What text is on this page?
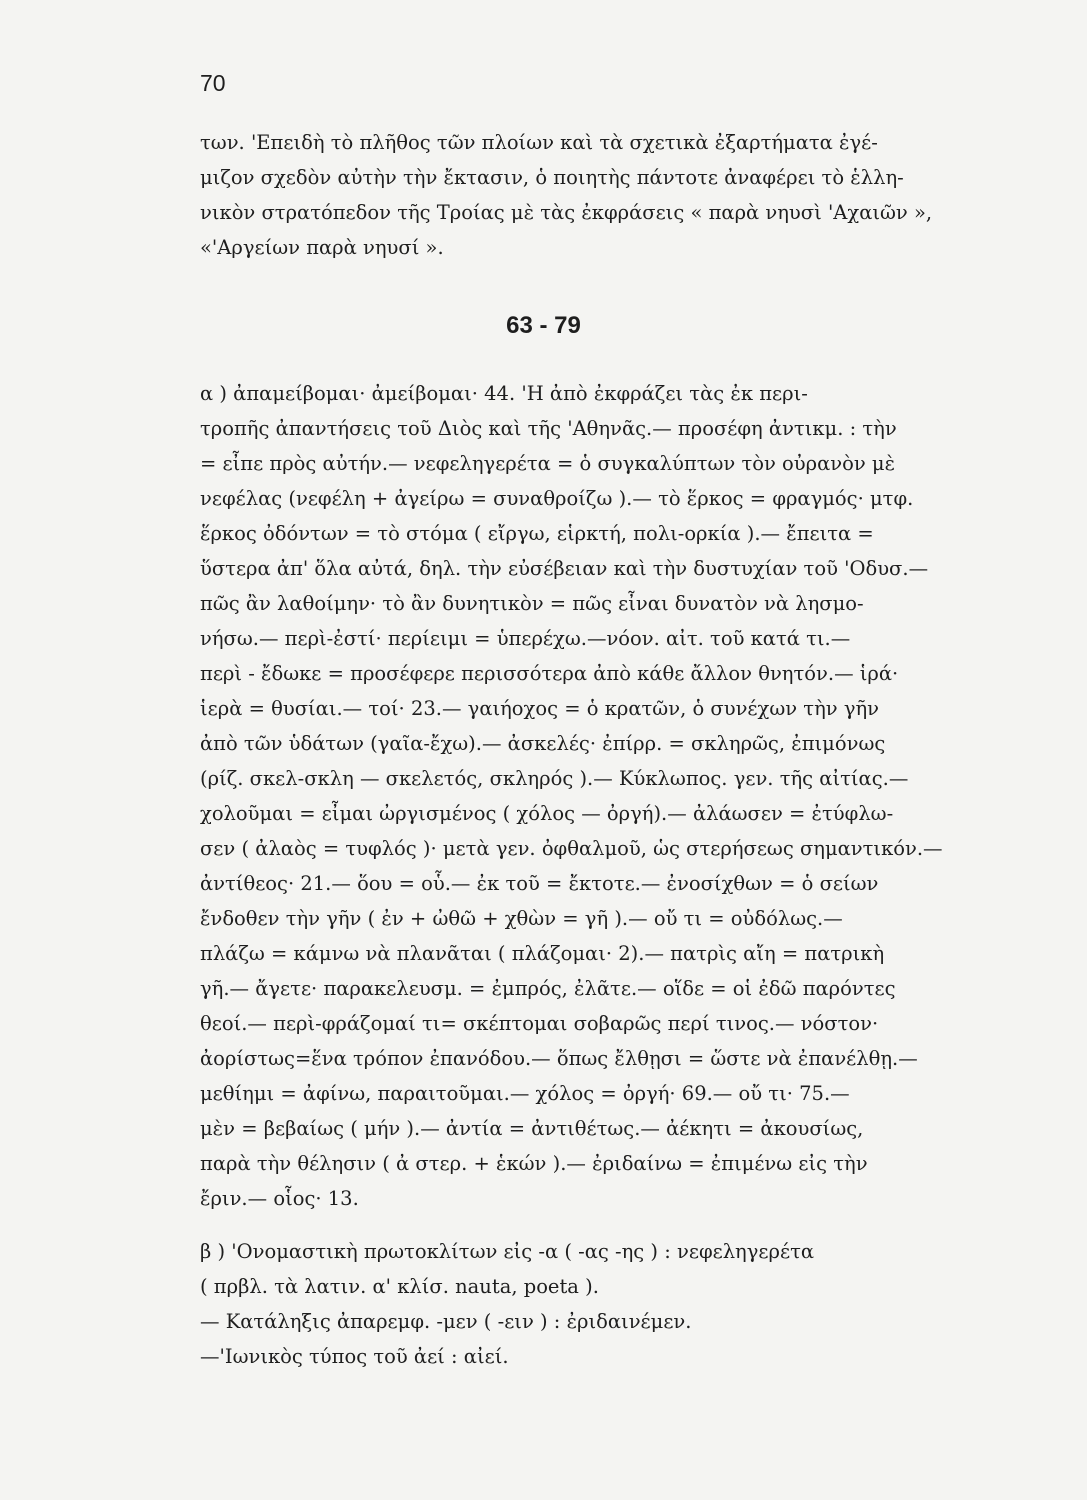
70
των. 'Επειδὴ τὸ πλῆθος τῶν πλοίων καὶ τὰ σχετικὰ ἐξαρτήματα ἐγέ-
μιζον σχεδὸν αὐτὴν τὴν ἔκτασιν, ὁ ποιητὴς πάντοτε ἀναφέρει τὸ ἑλλη-
νικὸν στρατόπεδον τῆς Τροίας μὲ τὰς ἐκφράσεις « παρὰ νηυσὶ 'Αχαιῶν »,
«'Αργείων παρὰ νηυσί ».
63 - 79
α ) ἀπαμείβομαι· ἀμείβομαι· 44. 'Η ἀπὸ ἐκφράζει τὰς ἐκ περι-
τροπῆς ἀπαντήσεις τοῦ Διὸς καὶ τῆς 'Αθηνᾶς.— προσέφη ἀντικμ. : τὴν
= εἶπε πρὸς αὐτήν.— νεφεληγερέτα = ὁ συγκαλύπτων τὸν οὐρανὸν μὲ
νεφέλας (νεφέλη + ἀγείρω = συναθροίζω ).— τὸ ἕρκος = φραγμός· μτφ.
ἕρκος ὀδόντων = τὸ στόμα ( εἴργω, εἱρκτή, πολι-ορκία ).— ἔπειτα =
ὕστερα ἀπ' ὅλα αὐτά, δηλ. τὴν εὐσέβειαν καὶ τὴν δυστυχίαν τοῦ 'Οδυσ.—
πῶς ἂν λαθοίμην· τὸ ἂν δυνητικὸν = πῶς εἶναι δυνατὸν νὰ λησμο-
νήσω.— περὶ-ἐστί· περίειμι = ὑπερέχω.—νόον. αἰτ. τοῦ κατά τι.—
περὶ - ἔδωκε = προσέφερε περισσότερα ἀπὸ κάθε ἄλλον θνητόν.— ἱρά·
ἱερὰ = θυσίαι.— τοί· 23.— γαιήοχος = ὁ κρατῶν, ὁ συνέχων τὴν γῆν
ἀπὸ τῶν ὑδάτων (γαῖα-ἔχω).— ἀσκελές· ἐπίρρ. = σκληρῶς, ἐπιμόνως
(ρίζ. σκελ-σκλη — σκελετός, σκληρός ).— Κύκλωπος. γεν. τῆς αἰτίας.—
χολοῦμαι = εἶμαι ὠργισμένος ( χόλος — ὀργή).— ἀλάωσεν = ἐτύφλω-
σεν ( ἀλαὸς = τυφλός )· μετὰ γεν. ὀφθαλμοῦ, ὡς στερήσεως σημαντικόν.—
ἀντίθεος· 21.— ὅου = οὗ.— ἐκ τοῦ = ἔκτοτε.— ἐνοσίχθων = ὁ σείων
ἔνδοθεν τὴν γῆν ( ἐν + ὠθῶ + χθὼν = γῆ ).— οὔ τι = οὐδόλως.—
πλάζω = κάμνω νὰ πλανᾶται ( πλάζομαι· 2).— πατρὶς αἴη = πατρικὴ
γῆ.— ἄγετε· παρακελευσμ. = ἐμπρός, ἐλᾶτε.— οἵδε = οἱ ἐδῶ παρόντες
θεοί.— περὶ-φράζομαί τι= σκέπτομαι σοβαρῶς περί τινος.— νόστον·
ἀορίστως=ἕνα τρόπον ἐπανόδου.— ὅπως ἔλθῃσι = ὥστε νὰ ἐπανέλθῃ.—
μεθίημι = ἀφίνω, παραιτοῦμαι.— χόλος = ὀργή· 69.— οὔ τι· 75.—
μὲν = βεβαίως ( μήν ).— ἀντία = ἀντιθέτως.— ἀέκητι = ἀκουσίως,
παρὰ τὴν θέλησιν ( ἀ στερ. + ἑκών ).— ἐριδαίνω = ἐπιμένω εἰς τὴν
ἔριν.— οἷος· 13.
β ) 'Ονομαστικὴ πρωτοκλίτων εἰς -α ( -ας -ης ) : νεφεληγερέτα
( πρβλ. τὰ λατιν. α' κλίσ. nauta, poeta ).
— Κατάληξις ἀπαρεμφ. -μεν ( -ειν ) : ἐριδαινέμεν.
—'Ιωνικὸς τύπος τοῦ ἀεί : αἰεί.
